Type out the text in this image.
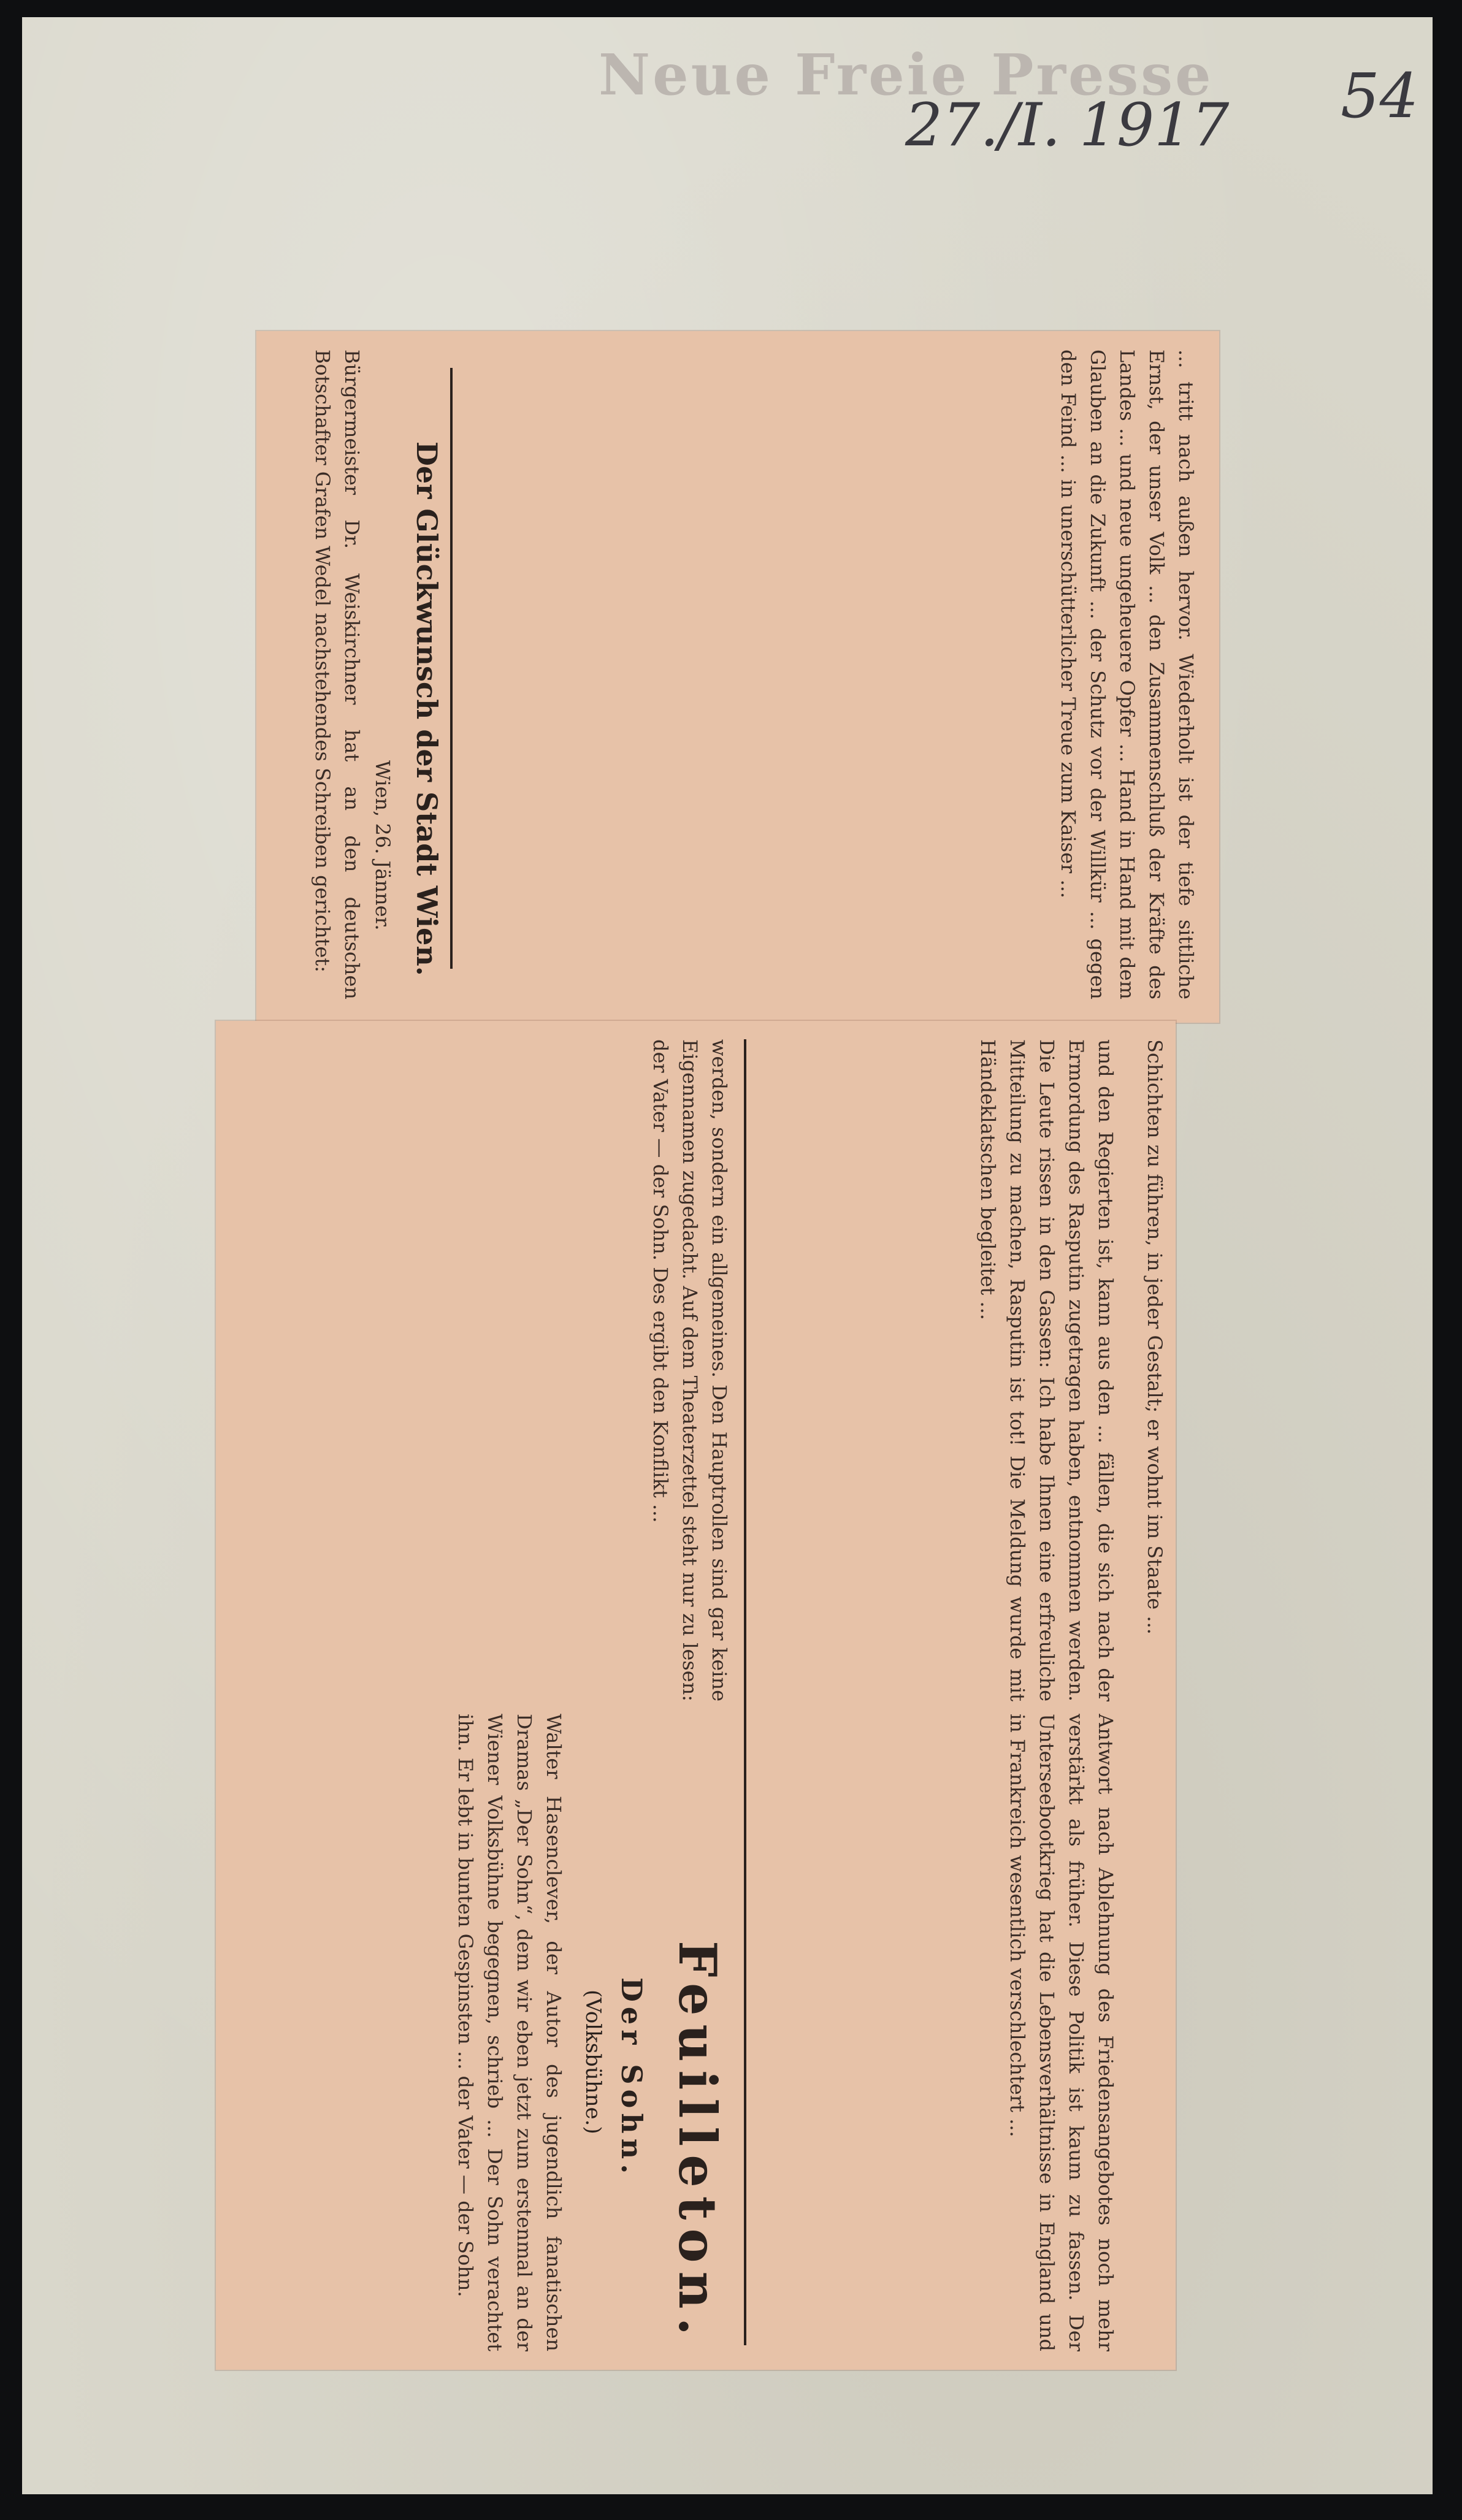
Neue Freie Presse
27./I. 1917 54
... tritt nach außen hervor. Wiederholt ist der tiefe sittliche Ernst, der unser Volk ... den Zusammenschluß der Kräfte des Landes ... und neue ungeheuere Opfer ... Hand in Hand mit dem Glauben an die Zukunft ... der Schutz vor der Willkür ... gegen den Feind ... in unerschütterlicher Treue zum Kaiser ...
Der Glückwunsch der Stadt Wien.
Wien, 26. Jänner.
Bürgermeister Dr. Weiskirchner hat an den deutschen Botschafter Grafen Wedel nachstehendes Schreiben gerichtet:
Schichten zu führen, in jeder Gestalt; er wohnt im Staate ...
und den Regierten ist, kann aus den ... fällen, die sich nach der Ermordung des Rasputin zugetragen haben, entnommen werden. Die Leute rissen in den Gassen: Ich habe Ihnen eine erfreuliche Mitteilung zu machen, Rasputin ist tot! Die Meldung wurde mit Händeklatschen begleitet ...
werden, sondern ein allgemeines. Den Hauptrollen sind gar keine Eigennamen zugedacht. Auf dem Theaterzettel steht nur zu lesen: der Vater — der Sohn. Des ergibt den Konflikt ...
Antwort nach Ablehnung des Friedensangebotes noch mehr verstärkt als früher. Diese Politik ist kaum zu fassen. Der Unterseebootkrieg hat die Lebensverhältnisse in England und in Frankreich wesentlich verschlechtert ...
Feuilleton.
Der Sohn.
(Volksbühne.)
Walter Hasenclever, der Autor des jugendlich fanatischen Dramas „Der Sohn“, dem wir eben jetzt zum erstenmal an der Wiener Volksbühne begegnen, schrieb ... Der Sohn verachtet ihn. Er lebt in bunten Gespinsten ... der Vater — der Sohn.
